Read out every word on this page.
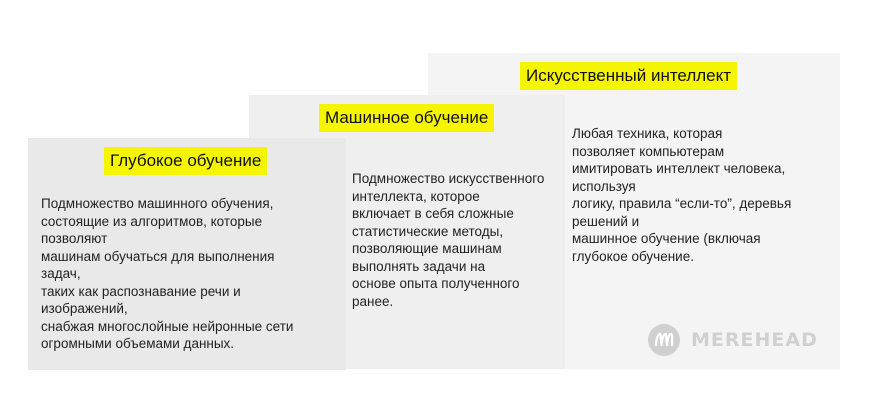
Искусственный интеллект
Машинное обучение
Глубокое обучение

Любая техника, которая
позволяет компьютерам
имитировать интеллект человека,
используя
логику, правила “если-то”, деревья
решений и
машинное обучение (включая
глубокое обучение.

Подмножество искусственного
интеллекта, которое
включает в себя сложные
статистические методы,
позволяющие машинам
выполнять задачи на
основе опыта полученного
ранее.

Подмножество машинного обучения,
состоящие из алгоритмов, которые
позволяют
машинам обучаться для выполнения
задач,
таких как распознавание речи и
изображений,
снабжая многослойные нейронные сети
огромными объемами данных.	MEREHEAD
